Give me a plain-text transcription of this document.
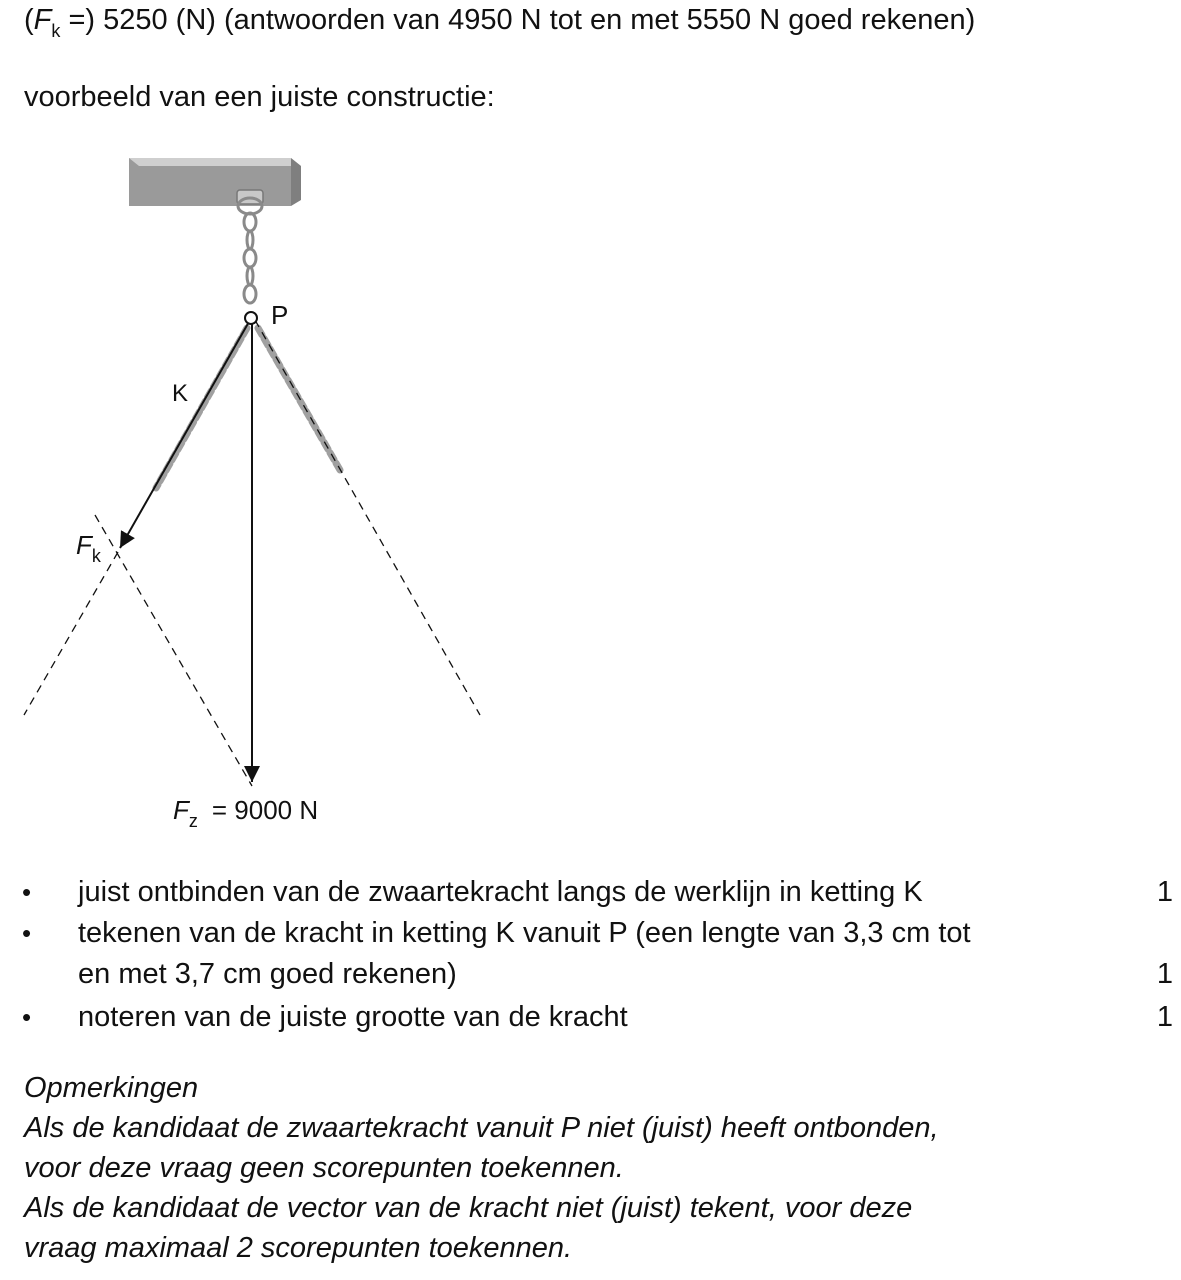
($F_k$ =) 5250 (N) (antwoorden van 4950 N tot en met 5550 N goed rekenen)
voorbeeld van een juiste constructie:
P
K
$F_k$
$F_z = 9000$ N
• juist ontbinden van de zwaartekracht langs de werklijn in ketting K	1
• tekenen van de kracht in ketting K vanuit P (een lengte van 3,3 cm tot
en met 3,7 cm goed rekenen)	1
• noteren van de juiste grootte van de kracht	1
Opmerkingen
Als de kandidaat de zwaartekracht vanuit P niet (juist) heeft ontbonden,
voor deze vraag geen scorepunten toekennen.
Als de kandidaat de vector van de kracht niet (juist) tekent, voor deze
vraag maximaal 2 scorepunten toekennen.
